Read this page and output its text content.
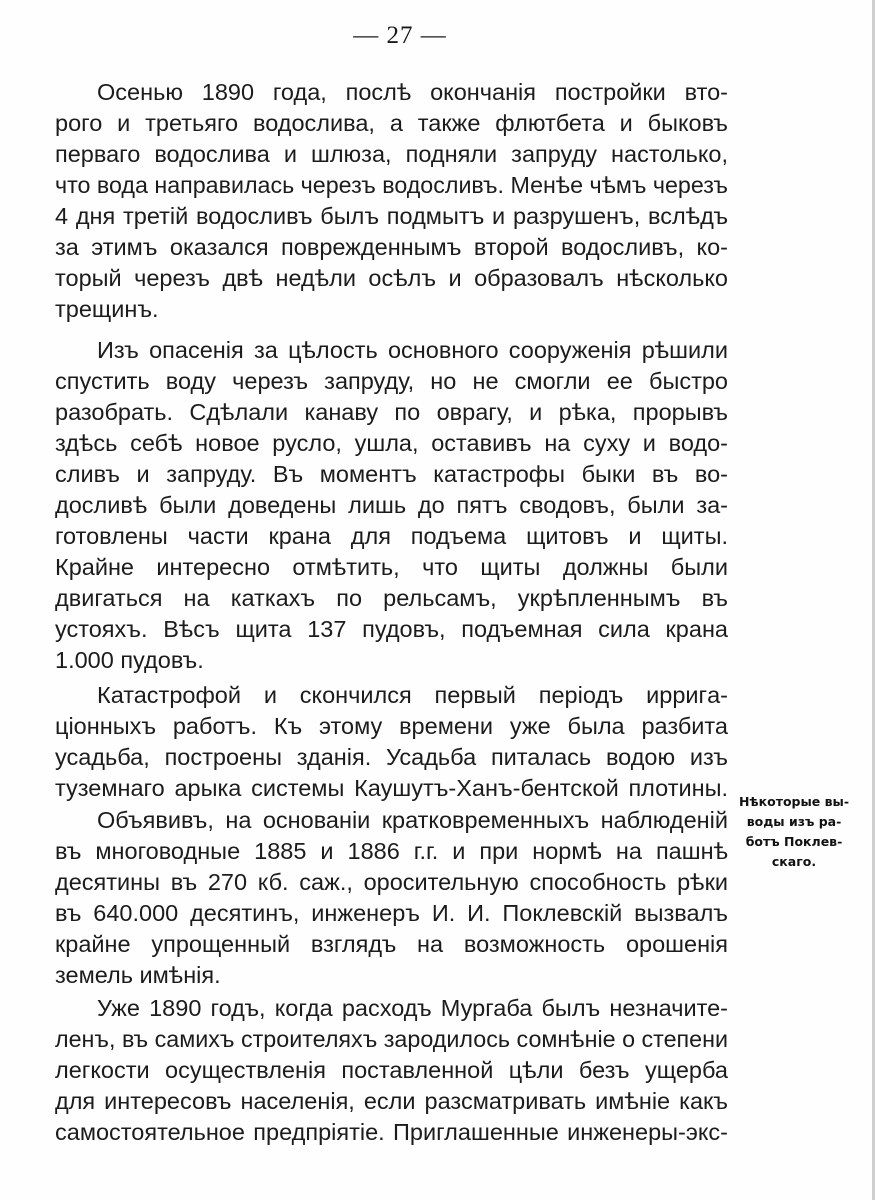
— 27 —
Осенью 1890 года, послѣ окончанія постройки вто-
рого и третьяго водослива, а также флютбета и быковъ
перваго водослива и шлюза, подняли запруду настолько,
что вода направилась черезъ водосливъ. Менѣе чѣмъ черезъ
4 дня третій водосливъ былъ подмытъ и разрушенъ, вслѣдъ
за этимъ оказался поврежденнымъ второй водосливъ, ко-
торый черезъ двѣ недѣли осѣлъ и образовалъ нѣсколько
трещинъ.
Изъ опасенія за цѣлость основного сооруженія рѣшили
спустить воду черезъ запруду, но не смогли ее быстро
разобрать. Сдѣлали канаву по оврагу, и рѣка, прорывъ
здѣсь себѣ новое русло, ушла, оставивъ на суху и водо-
сливъ и запруду. Въ моментъ катастрофы быки въ во-
досливѣ были доведены лишь до пятъ сводовъ, были за-
готовлены части крана для подъема щитовъ и щиты.
Крайне интересно отмѣтить, что щиты должны были
двигаться на каткахъ по рельсамъ, укрѣпленнымъ въ
устояхъ. Вѣсъ щита 137 пудовъ, подъемная сила крана
1.000 пудовъ.
Катастрофой и скончился первый періодъ ирригa-
ціонныхъ работъ. Къ этому времени уже была разбита
усадьба, построены зданія. Усадьба питалась водою изъ
туземнаго арыка системы Каушутъ-Ханъ-бентской плотины.
Объявивъ, на основаніи кратковременныхъ наблюденій
въ многоводные 1885 и 1886 г.г. и при нормѣ на пашнѣ
десятины въ 270 кб. саж., оросительную способность рѣки
въ 640.000 десятинъ, инженеръ И. И. Поклевскій вызвалъ
крайне упрощенный взглядъ на возможность орошенія
земель имѣнія.
Уже 1890 годъ, когда расходъ Мургаба былъ незначите-
ленъ, въ самихъ строителяхъ зародилось сомнѣніе о степени
легкости осуществленія поставленной цѣли безъ ущерба
для интересовъ населенія, если разсматривать имѣніе какъ
самостоятельное предпріятіе. Приглашенные инженеры-экс-
Нѣкоторые вы-
воды изъ ра-
ботъ Поклев-
скаго.
